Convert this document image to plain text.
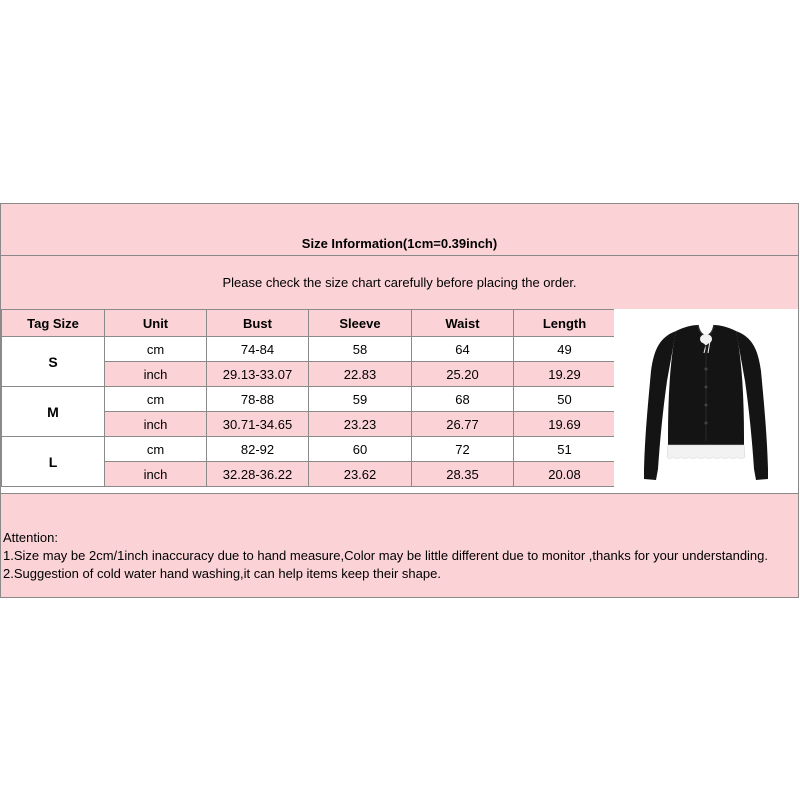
Size Information(1cm=0.39inch)
Please check the size chart carefully before placing the order.
Tag Size	Unit	Bust	Sleeve	Waist	Length
S	cm	74-84	58	64	49
	inch	29.13-33.07	22.83	25.20	19.29
M	cm	78-88	59	68	50
	inch	30.71-34.65	23.23	26.77	19.69
L	cm	82-92	60	72	51
	inch	32.28-36.22	23.62	28.35	20.08
Attention:
1.Size may be 2cm/1inch inaccuracy due to hand measure,Color may be little different due to monitor ,thanks for your understanding.
2.Suggestion of cold water hand washing,it can help items keep their shape.
